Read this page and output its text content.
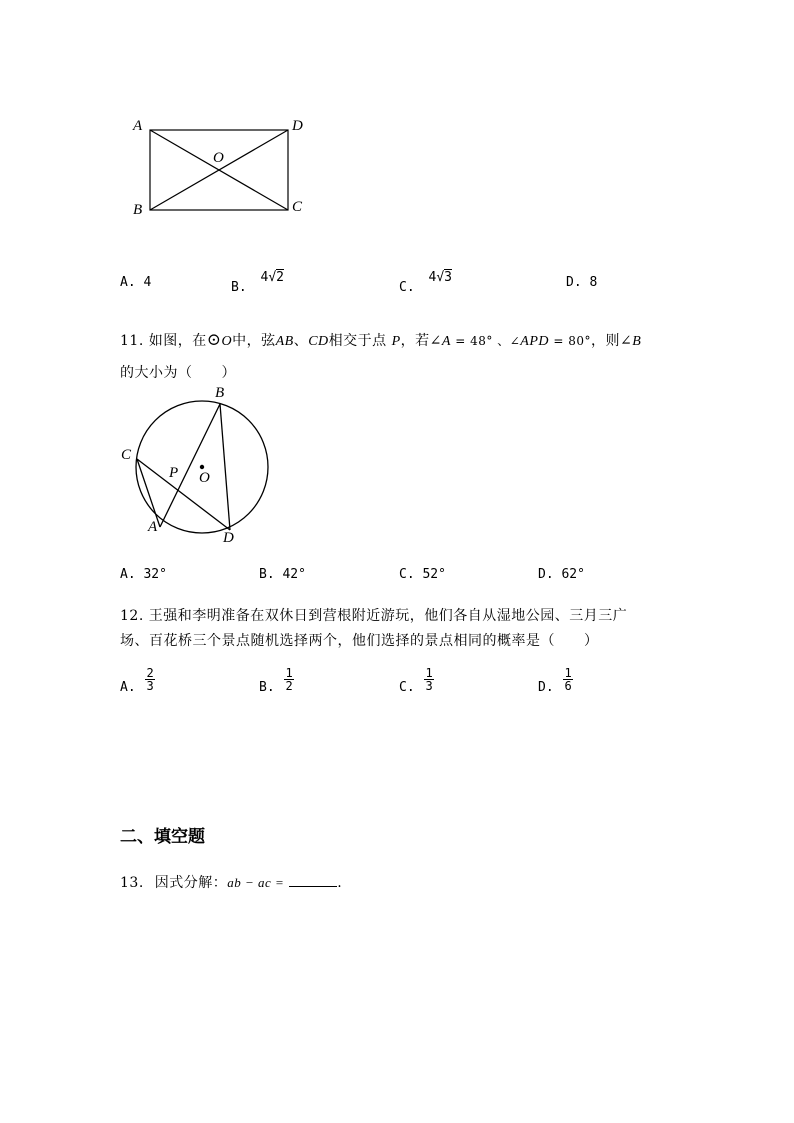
A	D
O
B	C
A. 4	B. 4√2
C. 4√3	D. 8
11. 如图，在⊙O中，弦AB、CD相交于点 P，若∠A = 48° 、∠APD = 80°，则∠B
的大小为（　　）
B
C
P O
A
D
A. 32°	B. 42°	C. 52°	D. 62°
12. 王强和李明准备在双休日到营根附近游玩，他们各自从湿地公园、三月三广
场、百花桥三个景点随机选择两个，他们选择的景点相同的概率是（　　）
A. $\frac{2}{3}$	B. $\frac{1}{2}$	C. $\frac{1}{3}$	D. $\frac{1}{6}$
二、填空题
13. 因式分解：ab − ac =	.
